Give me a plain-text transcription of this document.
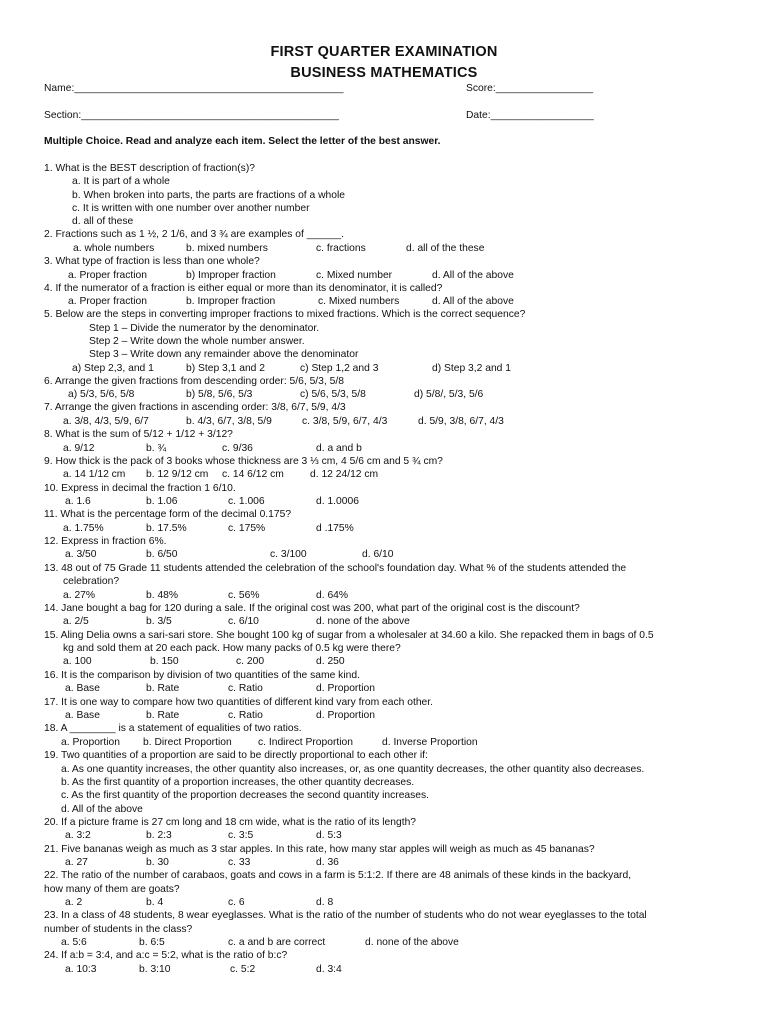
FIRST QUARTER EXAMINATION
BUSINESS MATHEMATICS
Name:_______________________________________________	Score:_________________
Section:_____________________________________________	Date:__________________
Multiple Choice. Read and analyze each item. Select the letter of the best answer.
1. What is the BEST description of fraction(s)?
a. It is part of a whole
b. When broken into parts, the parts are fractions of a whole
c. It is written with one number over another number
d. all of these
2. Fractions such as 1 ½, 2 1/6, and 3 ¾ are examples of ______.
a. whole numbers	b. mixed numbers	c. fractions	d. all of the these
3. What type of fraction is less than one whole?
a. Proper fraction	b) Improper fraction	c. Mixed number	d. All of the above
4. If the numerator of a fraction is either equal or more than its denominator, it is called?
a. Proper fraction	b. Improper fraction	c. Mixed numbers	d. All of the above
5. Below are the steps in converting improper fractions to mixed fractions. Which is the correct sequence?
Step 1 – Divide the numerator by the denominator.
Step 2 – Write down the whole number answer.
Step 3 – Write down any remainder above the denominator
a) Step 2,3, and 1	b) Step 3,1 and 2	c) Step 1,2 and 3	d) Step 3,2 and 1
6. Arrange the given fractions from descending order: 5/6, 5/3, 5/8
a) 5/3, 5/6, 5/8	b) 5/8, 5/6, 5/3	c) 5/6, 5/3, 5/8	d) 5/8/, 5/3, 5/6
7. Arrange the given fractions in ascending order: 3/8, 6/7, 5/9, 4/3
a. 3/8, 4/3, 5/9, 6/7	b. 4/3, 6/7, 3/8, 5/9	c. 3/8, 5/9, 6/7, 4/3	d. 5/9, 3/8, 6/7, 4/3
8. What is the sum of 5/12 + 1/12 + 3/12?
a. 9/12	b. ¾	c. 9/36	d. a and b
9. How thick is the pack of 3 books whose thickness are 3 ⅓ cm, 4 5/6 cm and 5 ¾ cm?
a. 14 1/12 cm b. 12 9/12 cm c. 14 6/12 cm	d. 12 24/12 cm
10. Express in decimal the fraction 1 6/10.
a. 1.6	b. 1.06	c. 1.006	d. 1.0006
11. What is the percentage form of the decimal 0.175?
a. 1.75%	b. 17.5%	c. 175%	d .175%
12. Express in fraction 6%.
a. 3/50	b. 6/50	c. 3/100	d. 6/10
13. 48 out of 75 Grade 11 students attended the celebration of the school's foundation day. What % of the students attended the
celebration?
a. 27%	b. 48%	c. 56%	d. 64%
14. Jane bought a bag for 120 during a sale. If the original cost was 200, what part of the original cost is the discount?
a. 2/5	b. 3/5	c. 6/10	d. none of the above
15. Aling Delia owns a sari-sari store. She bought 100 kg of sugar from a wholesaler at 34.60 a kilo. She repacked them in bags of 0.5
kg and sold them at 20 each pack. How many packs of 0.5 kg were there?
a. 100	b. 150	c. 200	d. 250
16. It is the comparison by division of two quantities of the same kind.
a. Base	b. Rate	c. Ratio	d. Proportion
17. It is one way to compare how two quantities of different kind vary from each other.
a. Base	b. Rate	c. Ratio	d. Proportion
18. A ________ is a statement of equalities of two ratios.
a. Proportion b. Direct Proportion	c. Indirect Proportion	d. Inverse Proportion
19. Two quantities of a proportion are said to be directly proportional to each other if:
a. As one quantity increases, the other quantity also increases, or, as one quantity decreases, the other quantity also decreases.
b. As the first quantity of a proportion increases, the other quantity decreases.
c. As the first quantity of the proportion decreases the second quantity increases.
d. All of the above
20. If a picture frame is 27 cm long and 18 cm wide, what is the ratio of its length?
a. 3:2	b. 2:3	c. 3:5	d. 5:3
21. Five bananas weigh as much as 3 star apples. In this rate, how many star apples will weigh as much as 45 bananas?
a. 27	b. 30	c. 33	d. 36
22. The ratio of the number of carabaos, goats and cows in a farm is 5:1:2. If there are 48 animals of these kinds in the backyard,
how many of them are goats?
a. 2	b. 4	c. 6	d. 8
23. In a class of 48 students, 8 wear eyeglasses. What is the ratio of the number of students who do not wear eyeglasses to the total
number of students in the class?
a. 5:6	b. 6:5	c. a and b are correct	d. none of the above
24. If a:b = 3:4, and a:c = 5:2, what is the ratio of b:c?
a. 10:3	b. 3:10	c. 5:2	d. 3:4
